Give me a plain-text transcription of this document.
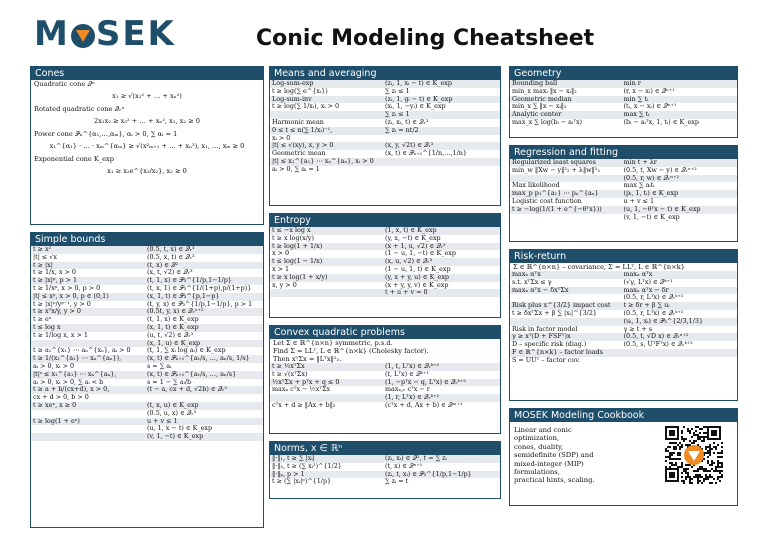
M SEK	Conic Modeling Cheatsheet
Cones
Quadratic cone 𝒬ⁿ
x₁ ≥ √(x₂² + … + xₙ²)
Rotated quadratic cone 𝒬ᵣⁿ
2x₁x₂ ≥ x₃² + … + xₙ², x₁, x₂ ≥ 0
Power cone 𝒫ₙ^{α₁,…,αₘ}, αᵢ > 0, ∑ αᵢ = 1
x₁^{α₁} · … · xₘ^{αₘ} ≥ √(x²ₘ₊₁ + … + xₙ²), x₁, …, xₘ ≥ 0
Exponential cone K_exp
x₁ ≥ x₂e^{x₃/x₂}, x₂ ≥ 0
Simple bounds
t ≥ x²	(0.5, t, x) ∈ 𝒬ᵣ³
|t| ≤ √x	(0.5, x, t) ∈ 𝒬ᵣ³
t ≥ |x|	(t, x) ∈ 𝒬²
t ≥ 1/x, x > 0	(x, t, √2) ∈ 𝒬ᵣ³
t ≥ |x|ᵖ, p > 1	(t, 1, x) ∈ 𝒫₃^{1/p,1−1/p}
t ≥ 1/xᵖ, x > 0, p > 0	(t, x, 1) ∈ 𝒫₃^{1/(1+p),p/(1+p)}
|t| ≤ xᵖ, x > 0, p ∈ (0,1)	(x, 1, t) ∈ 𝒫₃^{p,1−p}
t ≥ |x|ᵖ/yᵖ⁻¹, y > 0	(t, y, x) ∈ 𝒫₃^{1/p,1−1/p}, p > 1
t ≥ xᵀx/y, y > 0	(0.5t, y, x) ∈ 𝒬ᵣⁿ⁺²
t ≥ eˣ	(t, 1, x) ∈ K_exp
t ≤ log x	(x, 1, t) ∈ K_exp
t ≥ 1/log x, x > 1	(u, t, √2) ∈ 𝒬ᵣ³
(x, 1, u) ∈ K_exp
t ≥ a₁^{x₁} ⋯ aₙ^{xₙ}, aᵢ > 0	(t, 1, ∑ xᵢ log aᵢ) ∈ K_exp
t ≥ 1/(x₁^{a₁} ⋯ xₙ^{aₙ}),	(x, t) ∈ 𝒫ₙ₊₁^{a₁/s, …, aₙ/s, 1/s}
aᵢ > 0, xᵢ > 0	s = ∑ aᵢ
|t|ˢ ≤ x₁^{a₁} ⋯ xₙ^{aₙ},	(x, t) ∈ 𝒫ₙ₊₁^{a₁/s, …, aₙ/s}
aᵢ > 0, xᵢ > 0, ∑ aᵢ < b	s = 1 − ∑ aᵢ/b
t ≥ a + b/(cx+d), x > 0,	(t − a, cx + d, √2b) ∈ 𝒬ᵣ³
cx + d > 0, b > 0
t ≥ xeˣ, x ≥ 0	(t, x, u) ∈ K_exp
(0.5, u, x) ∈ 𝒬ᵣ³
t ≥ log(1 + eˣ)	u + v ≤ 1
(u, 1, x − t) ∈ K_exp
(v, 1, −t) ∈ K_exp
Means and averaging
Log-sum-exp	(zᵢ, 1, xᵢ − t) ∈ K_exp
t ≥ log(∑ e^{xᵢ})	∑ zᵢ ≤ 1
Log-sum-inv	(zᵢ, 1, gᵢ − t) ∈ K_exp
t ≥ log(∑ 1/xᵢ), xᵢ > 0	(xᵢ, 1, −yᵢ) ∈ K_exp
∑ zᵢ ≤ 1
Harmonic mean	(zᵢ, xᵢ, t) ∈ 𝒬ᵣ³
0 ≤ t ≤ n(∑ 1/xᵢ)⁻¹,	∑ zᵢ = nt/2
xᵢ > 0
|t| ≤ √(xy), x, y > 0	(x, y, √2t) ∈ 𝒬ᵣ³
Geometric mean	(x, t) ∈ 𝒫ₙ₊₁^{1/n,…,1/n}
|t| ≤ x₁^{a₁} ⋯ xₙ^{aₙ}, xᵢ > 0
aᵢ > 0, ∑ aᵢ = 1
Entropy
t ≤ −x log x	(1, x, t) ∈ K_exp
t ≥ x log(x/y)	(y, x, −t) ∈ K_exp
t ≥ log(1 + 1/x)	(x + 1, u, √2) ∈ 𝒬ᵣ³
x > 0	(1 − u, 1, −t) ∈ K_exp
t ≤ log(1 − 1/x)	(x, u, √2) ∈ 𝒬ᵣ³
x > 1	(1 − u, 1, t) ∈ K_exp
t ≥ x log(1 + x/y)	(y, x + y, u) ∈ K_exp
x, y > 0	(x + y, y, v) ∈ K_exp
t + u + v = 0
Convex quadratic problems
Let Σ ∈ ℝ^{n×n} symmetric, p.s.d.
Find Σ = LLᵀ, L ∈ ℝ^{n×k} (Cholesky factor).
Then xᵀΣx = ‖Lᵀx‖²₂.
t ≥ ½xᵀΣx	(1, t, Lᵀx) ∈ 𝒬ᵣᵏ⁺²
t ≥ √(xᵀΣx)	(t, Lᵀx) ∈ 𝒬ᵏ⁺¹
½xᵀΣx + pᵀx + q ≤ 0	(1, −pᵀx − q, Lᵀx) ∈ 𝒬ᵣᵏ⁺²
maxₓ cᵀx − ½xᵀΣx	maxₓ,ᵣ cᵀx − r
(1, r, Lᵀx) ∈ 𝒬ᵣᵏ⁺²
cᵀx + d ≥ ‖Ax + b‖₂	(cᵀx + d, Ax + b) ∈ 𝒬ᵐ⁺¹
Norms, x ∈ ℝⁿ
‖·‖₁, t ≥ ∑ |xᵢ|	(zᵢ, xᵢ) ∈ 𝒬², t = ∑ zᵢ
‖·‖₂, t ≥ (∑ xᵢ²)^{1/2}	(t, x) ∈ 𝒬ⁿ⁺¹
‖·‖ₚ, p > 1	(zᵢ, t, xᵢ) ∈ 𝒫₃^{1/p,1−1/p}
t ≥ (∑ |xᵢ|ᵖ)^{1/p}	∑ zᵢ = t
Geometry
Bounding ball	min r
min_x maxᵢ ‖x − xᵢ‖₂	(r, x − xᵢ) ∈ 𝒬ⁿ⁺¹
Geometric median	min ∑ tᵢ
min_x ∑ ‖x − xᵢ‖₂	(tᵢ, x − xᵢ) ∈ 𝒬ⁿ⁺¹
Analytic center	max ∑ tᵢ
max_x ∑ log(bᵢ − aᵢᵀx)	(bᵢ − aᵢᵀx, 1, tᵢ) ∈ K_exp
Regression and fitting
Regularized least squares	min t + λr
min_w ‖Xw − y‖²₂ + λ‖w‖²₂	(0.5, t, Xw − y) ∈ 𝒬ᵣⁿ⁺²
(0.5, r, w) ∈ 𝒬ᵣⁿ⁺²
Max likelihood	max ∑ aᵢtᵢ
max_p p₁^{a₁} ⋯ pₙ^{aₙ}	(pᵢ, 1, tᵢ) ∈ K_exp
Logistic cost function	u + v ≤ 1
t ≥ −log(1/(1 + e^{−θᵀx}))	(u, 1, −θᵀx − t) ∈ K_exp
(v, 1, −t) ∈ K_exp
Risk-return
Σ ∈ ℝ^{n×n} – covariance, Σ = LLᵀ, L ∈ ℝ^{n×k}
maxₓ αᵀx	maxₓ αᵀx
s.t. xᵀΣx ≤ γ	(√γ, Lᵀx) ∈ 𝒬ᵏ⁺¹
maxₓ αᵀx − δxᵀΣx	maxₓ αᵀx − δr
(0.5, r, Lᵀx) ∈ 𝒬ᵣᵏ⁺²
Risk plus x^{3/2} impact cost	t ≥ δr + β ∑ uᵢ
t ≥ δxᵀΣx + β ∑ |xᵢ|^{3/2}	(0.5, r, Lᵀx) ∈ 𝒬ᵣᵏ⁺²
(uᵢ, 1, xᵢ) ∈ 𝒫₃^{2/3,1/3}
Risk in factor model	γ ≥ t + s
γ ≥ xᵀ(D + FSFᵀ)x	(0.5, t, √D x) ∈ 𝒬ᵣⁿ⁺²
D – specific risk (diag.)	(0.5, s, UᵀFᵀx) ∈ 𝒬ᵣᵏ⁺²
F ∈ ℝ^{n×k} – factor loads
S = UUᵀ – factor cov.
MOSEK Modeling Cookbook
Linear and conic
optimization,
cones, duality,
semidefinite (SDP) and
mixed-integer (MIP)
formulations,
practical hints, scaling.
